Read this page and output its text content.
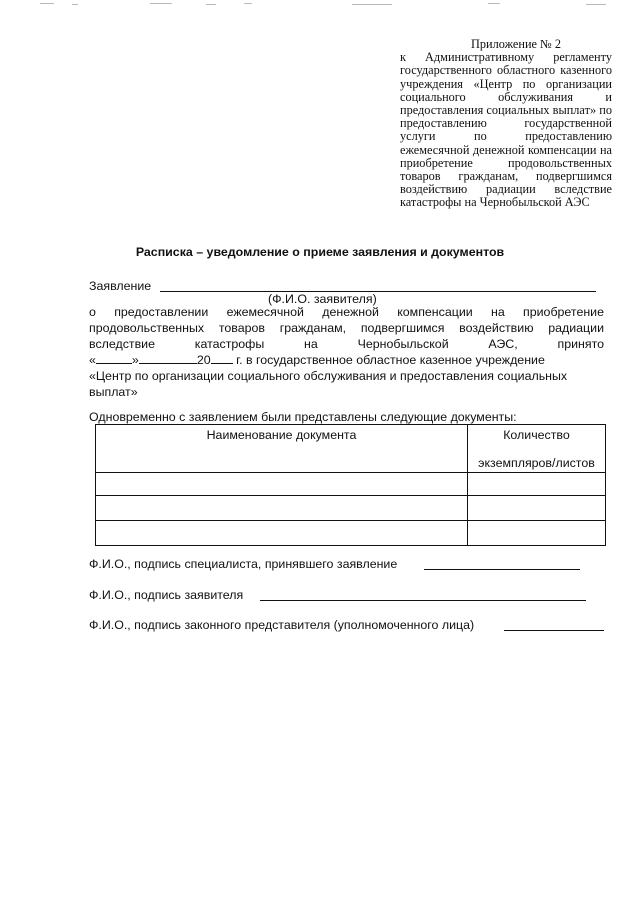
Приложение № 2
к Административному регламенту государственного областного казенного учреждения «Центр по организации социального обслуживания и предоставления социальных выплат» по предоставлению государственной услуги по предоставлению ежемесячной денежной компенсации на приобретение продовольственных товаров гражданам, подвергшимся воздействию радиации вследствие катастрофы на Чернобыльской АЭС
Расписка – уведомление о приеме заявления и документов
Заявление
(Ф.И.О. заявителя)
о предоставлении ежемесячной денежной компенсации на приобретение
продовольственных товаров гражданам, подвергшимся воздействию радиации
вследствие катастрофы на Чернобыльской АЭС, принято
«	»	20 г. в государственное областное казенное учреждение
«Центр по организации социального обслуживания и предоставления социальных
выплат»
Одновременно с заявлением были представлены следующие документы:
Наименование документа	Количество
экземпляров/листов

Ф.И.О., подпись специалиста, принявшего заявление
Ф.И.О., подпись заявителя
Ф.И.О., подпись законного представителя (уполномоченного лица)
